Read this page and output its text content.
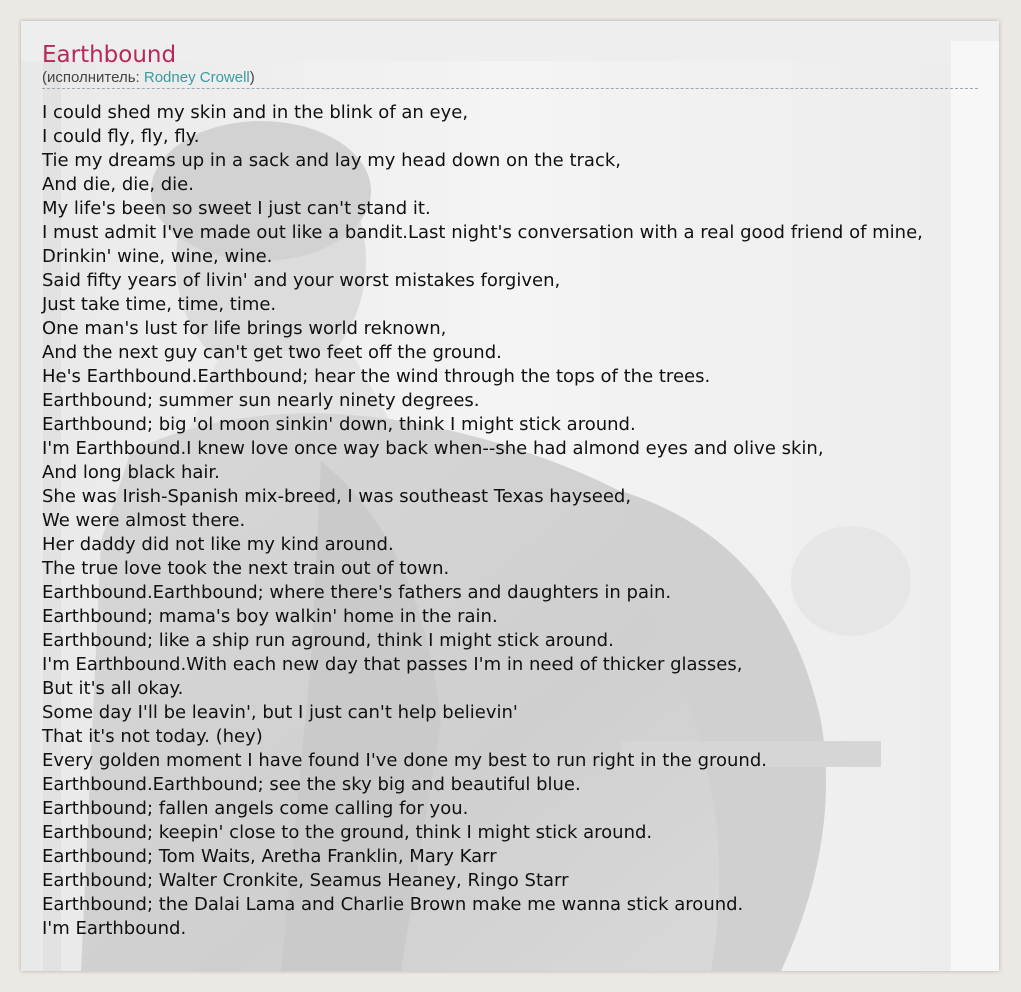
Earthbound
(исполнитель: Rodney Crowell)
I could shed my skin and in the blink of an eye,
I could fly, fly, fly.
Tie my dreams up in a sack and lay my head down on the track,
And die, die, die.
My life's been so sweet I just can't stand it.
I must admit I've made out like a bandit.Last night's conversation with a real good friend of mine,
Drinkin' wine, wine, wine.
Said fifty years of livin' and your worst mistakes forgiven,
Just take time, time, time.
One man's lust for life brings world reknown,
And the next guy can't get two feet off the ground.
He's Earthbound.Earthbound; hear the wind through the tops of the trees.
Earthbound; summer sun nearly ninety degrees.
Earthbound; big 'ol moon sinkin' down, think I might stick around.
I'm Earthbound.I knew love once way back when--she had almond eyes and olive skin,
And long black hair.
She was Irish-Spanish mix-breed, I was southeast Texas hayseed,
We were almost there.
Her daddy did not like my kind around.
The true love took the next train out of town.
Earthbound.Earthbound; where there's fathers and daughters in pain.
Earthbound; mama's boy walkin' home in the rain.
Earthbound; like a ship run aground, think I might stick around.
I'm Earthbound.With each new day that passes I'm in need of thicker glasses,
But it's all okay.
Some day I'll be leavin', but I just can't help believin'
That it's not today. (hey)
Every golden moment I have found I've done my best to run right in the ground.
Earthbound.Earthbound; see the sky big and beautiful blue.
Earthbound; fallen angels come calling for you.
Earthbound; keepin' close to the ground, think I might stick around.
Earthbound; Tom Waits, Aretha Franklin, Mary Karr
Earthbound; Walter Cronkite, Seamus Heaney, Ringo Starr
Earthbound; the Dalai Lama and Charlie Brown make me wanna stick around.
I'm Earthbound.
